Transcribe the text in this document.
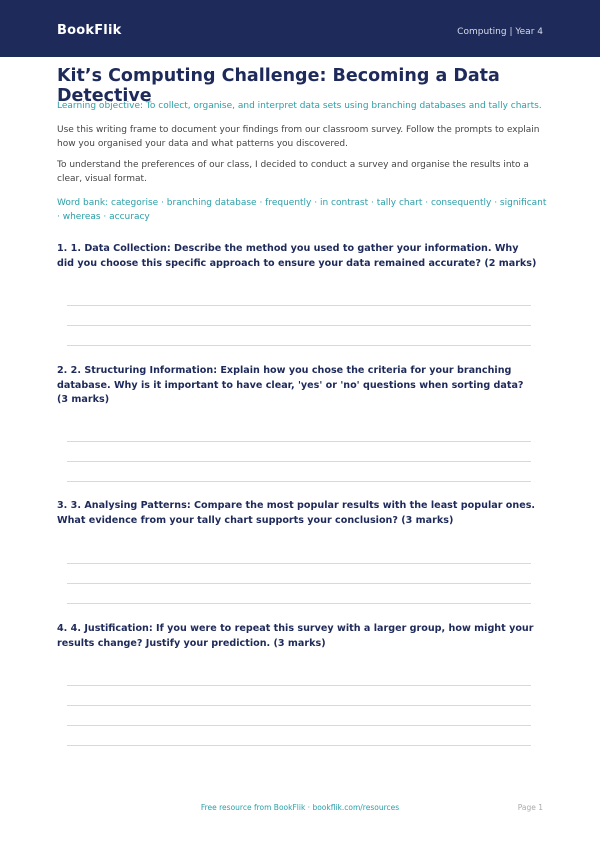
BookFlik	Computing | Year 4
Kit’s Computing Challenge: Becoming a Data Detective
Learning objective: To collect, organise, and interpret data sets using branching databases and tally charts.
Use this writing frame to document your findings from our classroom survey. Follow the prompts to explain how you organised your data and what patterns you discovered.
To understand the preferences of our class, I decided to conduct a survey and organise the results into a clear, visual format.
Word bank: categorise · branching database · frequently · in contrast · tally chart · consequently · significant · whereas · accuracy
1. 1. Data Collection: Describe the method you used to gather your information. Why did you choose this specific approach to ensure your data remained accurate? (2 marks)
2. 2. Structuring Information: Explain how you chose the criteria for your branching database. Why is it important to have clear, 'yes' or 'no' questions when sorting data? (3 marks)
3. 3. Analysing Patterns: Compare the most popular results with the least popular ones. What evidence from your tally chart supports your conclusion? (3 marks)
4. 4. Justification: If you were to repeat this survey with a larger group, how might your results change? Justify your prediction. (3 marks)
Free resource from BookFlik · bookflik.com/resources	Page 1
